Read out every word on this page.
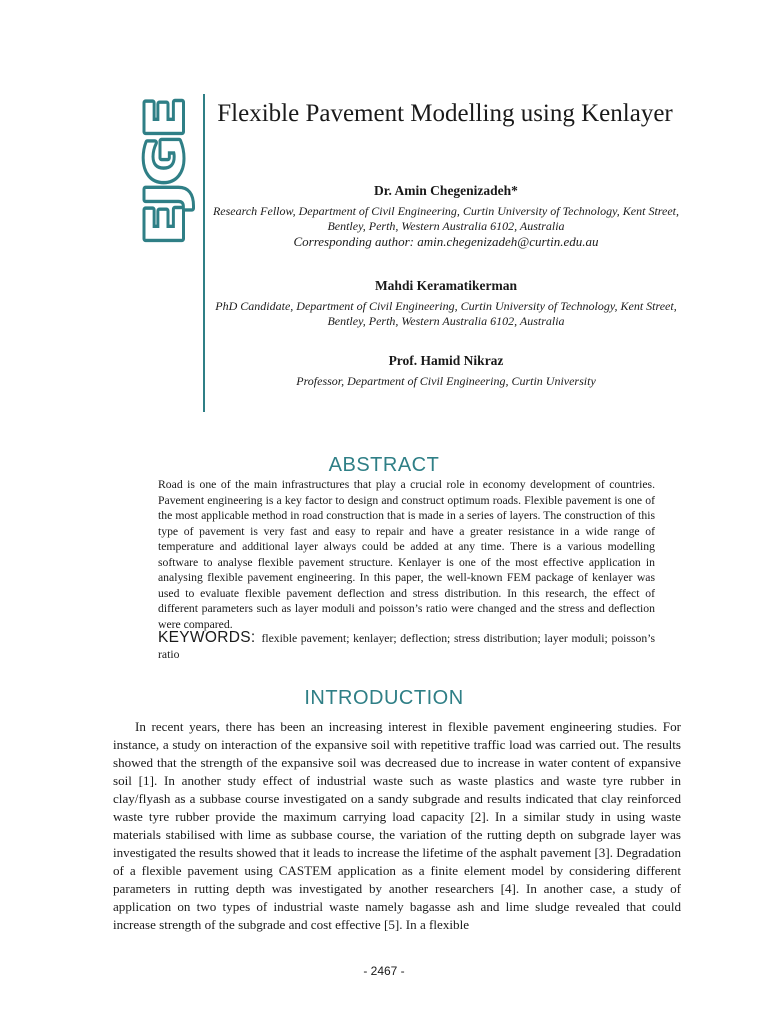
EJGE
Flexible Pavement Modelling using Kenlayer
Dr. Amin Chegenizadeh*
Research Fellow, Department of Civil Engineering, Curtin University of Technology, Kent Street, Bentley, Perth, Western Australia 6102, Australia
Corresponding author: amin.chegenizadeh@curtin.edu.au
Mahdi Keramatikerman
PhD Candidate, Department of Civil Engineering, Curtin University of Technology, Kent Street, Bentley, Perth, Western Australia 6102, Australia
Prof. Hamid Nikraz
Professor, Department of Civil Engineering, Curtin University
ABSTRACT
Road is one of the main infrastructures that play a crucial role in economy development of countries. Pavement engineering is a key factor to design and construct optimum roads. Flexible pavement is one of the most applicable method in road construction that is made in a series of layers. The construction of this type of pavement is very fast and easy to repair and have a greater resistance in a wide range of temperature and additional layer always could be added at any time. There is a various modelling software to analyse flexible pavement structure. Kenlayer is one of the most effective application in analysing flexible pavement engineering. In this paper, the well-known FEM package of kenlayer was used to evaluate flexible pavement deflection and stress distribution. In this research, the effect of different parameters such as layer moduli and poisson’s ratio were changed and the stress and deflection were compared.
KEYWORDS: flexible pavement; kenlayer; deflection; stress distribution; layer moduli; poisson’s ratio
INTRODUCTION

In recent years, there has been an increasing interest in flexible pavement engineering studies. For instance, a study on interaction of the expansive soil with repetitive traffic load was carried out. The results showed that the strength of the expansive soil was decreased due to increase in water content of expansive soil [1]. In another study effect of industrial waste such as waste plastics and waste tyre rubber in clay/flyash as a subbase course investigated on a sandy subgrade and results indicated that clay reinforced waste tyre rubber provide the maximum carrying load capacity [2]. In a similar study in using waste materials stabilised with lime as subbase course, the variation of the rutting depth on subgrade layer was investigated the results showed that it leads to increase the lifetime of the asphalt pavement [3]. Degradation of a flexible pavement using CASTEM application as a finite element model by considering different parameters in rutting depth was investigated by another researchers [4]. In another case, a study of application on two types of industrial waste namely bagasse ash and lime sludge revealed that could increase strength of the subgrade and cost effective [5]. In a flexible

- 2467 -
